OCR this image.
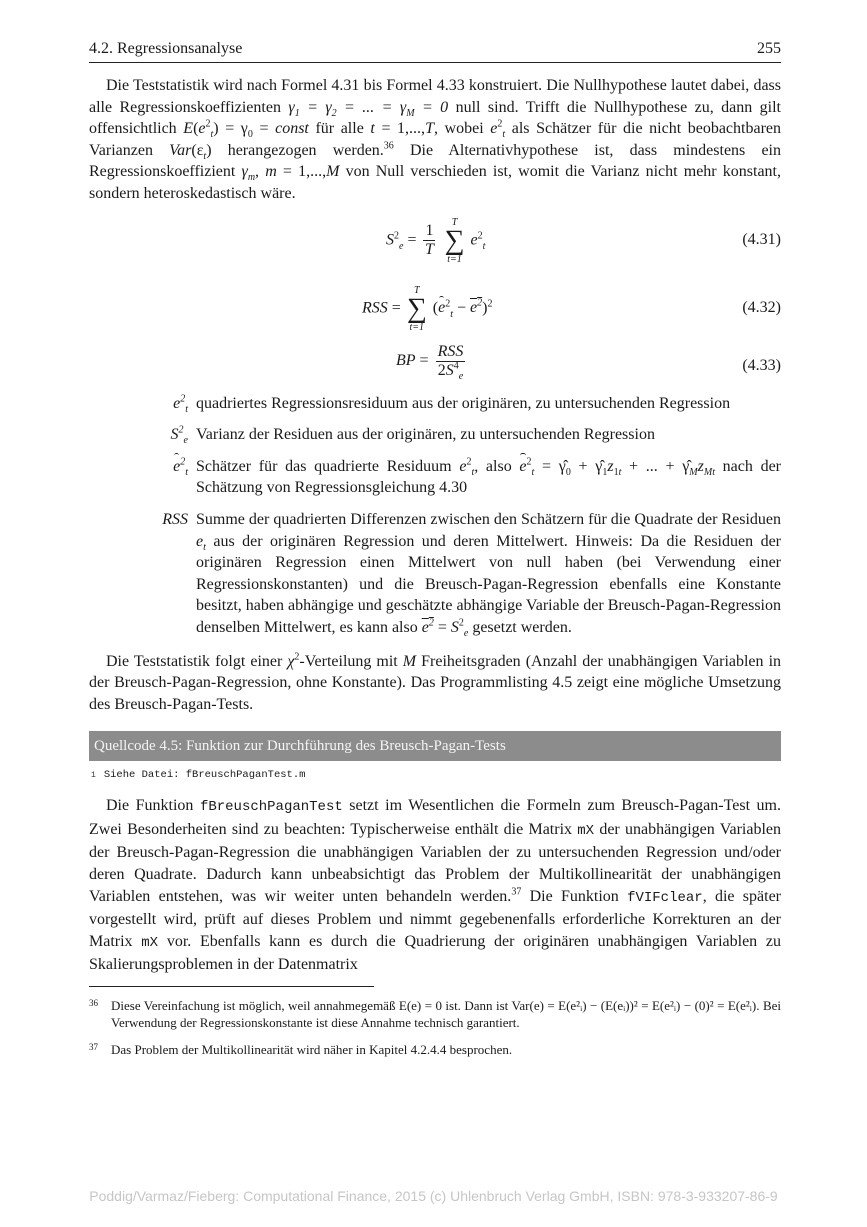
4.2. Regressionsanalyse	255

Die Teststatistik wird nach Formel 4.31 bis Formel 4.33 konstruiert. Die Nullhypothese lautet dabei, dass alle Regressionskoeffizienten $\gamma_1 = \gamma_2$ = ... = $\gamma_M = 0$ null sind. Trifft die Nullhypothese zu, dann gilt offensichtlich $E(e^2_t) = \gamma_0$ = const für alle t = 1,...,T, wobei $e^2_t$ als Schätzer für die nicht beobachtbaren Varianzen $Var(\varepsilon_t)$ herangezogen werden.$^{36}$ Die Alternativhypothese ist, dass mindestens ein Regressionskoeffizient $\gamma_m$, m = 1,...,M von Null verschieden ist, womit die Varianz nicht mehr konstant, sondern heteroskedastisch wäre.

$S^2_e = \frac{1}{T}$
T
∑
t=1
$e^2_t$	(4.31)
RSS =
T
∑
t=1
$(e^2_t - e^2)^2$	(4.32)
BP = $\frac{\text{RSS}}{2S^4_e}$	(4.33)
$e^2_t$ quadriertes Regressionsresiduum aus der originären, zu untersuchenden Regression
$S^2_e$ Varianz der Residuen aus der originären, zu untersuchenden Regression
$e^2_t$ Schätzer für das quadrierte Residuum $e^2_t$, also $e^2_t$ = $\gammâ_0$ + $\gammâ_1z_{1t}$ + ... + $\gammâ_Mz_{Mt}$ nach der Schätzung von Regressionsgleichung 4.30
RSS Summe der quadrierten Differenzen zwischen den Schätzern für die Quadrate der Residuen $e_t$ aus der originären Regression und deren Mittelwert. Hinweis: Da die Residuen der originären Regression einen Mittelwert von null haben (bei Verwendung einer Regressionskonstanten) und die Breusch-Pagan-Regression ebenfalls eine Konstante besitzt, haben abhängige und geschätzte abhängige Variable der Breusch-Pagan-Regression denselben Mittelwert, es kann also $e^2 = S^2_e$ gesetzt werden.

Die Teststatistik folgt einer $\chi^2$-Verteilung mit M Freiheitsgraden (Anzahl der unabhängigen Variablen in der Breusch-Pagan-Regression, ohne Konstante). Das Programmlisting 4.5 zeigt eine mögliche Umsetzung des Breusch-Pagan-Tests.

Quellcode 4.5: Funktion zur Durchführung des Breusch-Pagan-Tests
1 Siehe Datei: fBreuschPaganTest.m

Die Funktion fBreuschPaganTest setzt im Wesentlichen die Formeln zum Breusch-Pagan-Test um. Zwei Besonderheiten sind zu beachten: Typischerweise enthält die Matrix mX der unabhängigen Variablen der Breusch-Pagan-Regression die unabhängigen Variablen der zu untersuchenden Regression und/oder deren Quadrate. Dadurch kann unbeabsichtigt das Problem der Multikollinearität der unabhängigen Variablen entstehen, was wir weiter unten behandeln werden.$^{37}$ Die Funktion fVIFclear, die später vorgestellt wird, prüft auf dieses Problem und nimmt gegebenenfalls erforderliche Korrekturen an der Matrix mX vor. Ebenfalls kann es durch die Quadrierung der originären unabhängigen Variablen zu Skalierungsproblemen in der Datenmatrix

36	Diese Vereinfachung ist möglich, weil annahmegemäß E(e) = 0 ist. Dann ist Var(e) = E(e²ᵢ) − (E(eᵢ))² = E(e²ᵢ) − (0)² = E(e²ᵢ). Bei Verwendung der Regressionskonstante ist diese Annahme technisch garantiert.
37	Das Problem der Multikollinearität wird näher in Kapitel 4.2.4.4 besprochen.
Poddig/Varmaz/Fieberg: Computational Finance, 2015 (c) Uhlenbruch Verlag GmbH, ISBN: 978-3-933207-86-9
